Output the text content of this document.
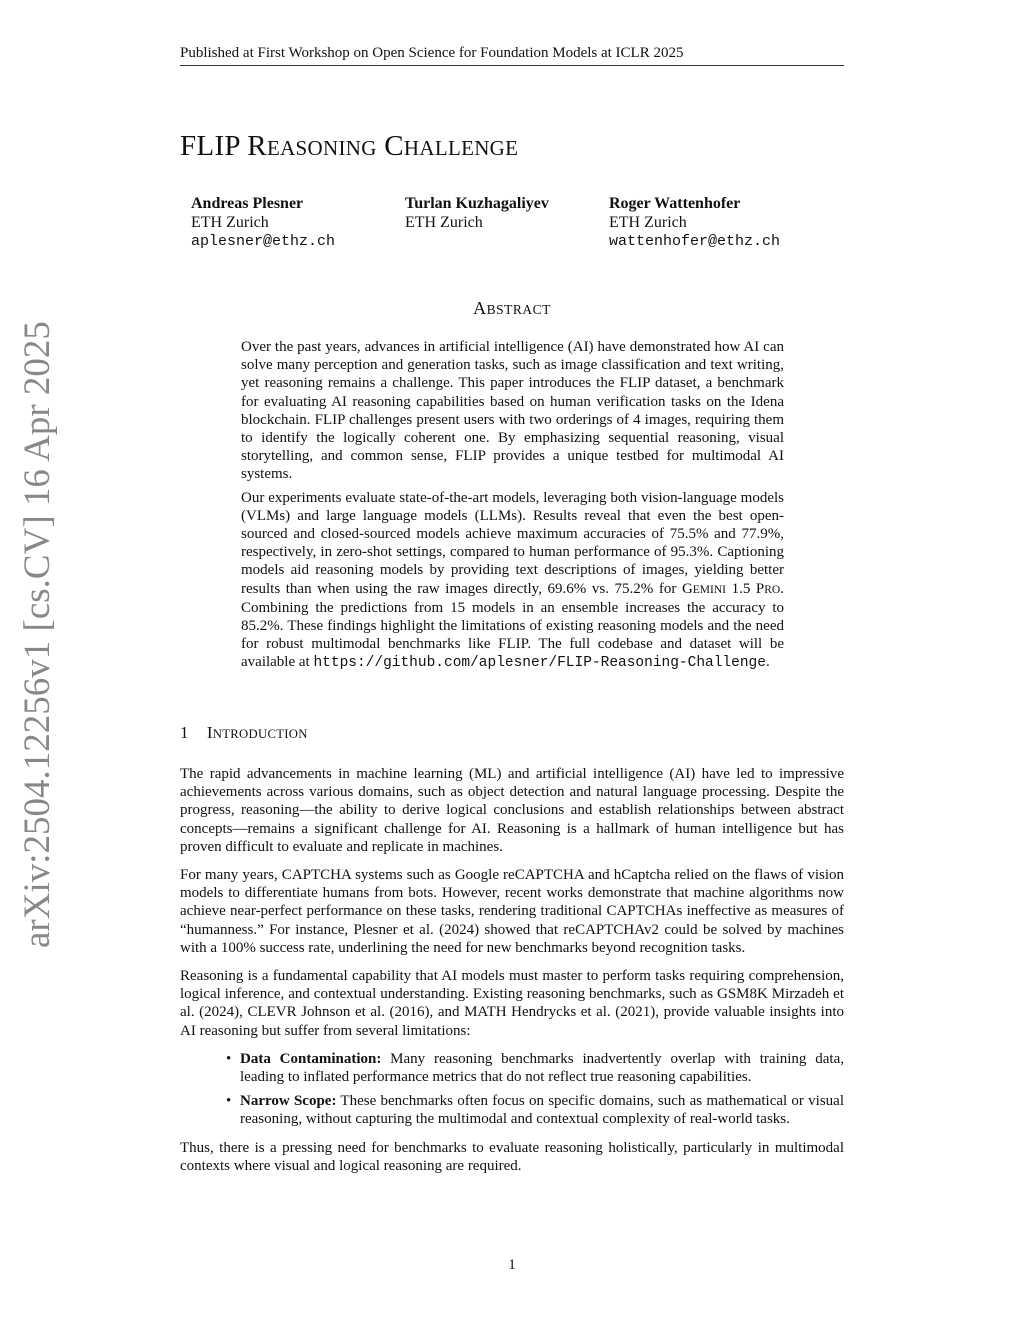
Published at First Workshop on Open Science for Foundation Models at ICLR 2025
arXiv:2504.12256v1 [cs.CV] 16 Apr 2025
FLIP REASONING CHALLENGE
Andreas Plesner
ETH Zurich
aplesner@ethz.ch
Turlan Kuzhagaliyev
ETH Zurich
Roger Wattenhofer
ETH Zurich
wattenhofer@ethz.ch
ABSTRACT

Over the past years, advances in artificial intelligence (AI) have demonstrated how AI can solve many perception and generation tasks, such as image classification and text writing, yet reasoning remains a challenge. This paper introduces the FLIP dataset, a benchmark for evaluating AI reasoning capabilities based on human verification tasks on the Idena blockchain. FLIP challenges present users with two orderings of 4 images, requiring them to identify the logically coherent one. By emphasizing sequential reasoning, visual storytelling, and common sense, FLIP provides a unique testbed for multimodal AI systems.

Our experiments evaluate state-of-the-art models, leveraging both vision-language models (VLMs) and large language models (LLMs). Results reveal that even the best open-sourced and closed-sourced models achieve maximum accuracies of 75.5% and 77.9%, respectively, in zero-shot settings, compared to human performance of 95.3%. Captioning models aid reasoning models by providing text descriptions of images, yielding better results than when using the raw images directly, 69.6% vs. 75.2% for GEMINI 1.5 PRO. Combining the predictions from 15 models in an ensemble increases the accuracy to 85.2%. These findings highlight the limitations of existing reasoning models and the need for robust multimodal benchmarks like FLIP. The full codebase and dataset will be available at https://github.com/aplesner/FLIP-Reasoning-Challenge.

1 INTRODUCTION

The rapid advancements in machine learning (ML) and artificial intelligence (AI) have led to impressive achievements across various domains, such as object detection and natural language processing. Despite the progress, reasoning—the ability to derive logical conclusions and establish relationships between abstract concepts—remains a significant challenge for AI. Reasoning is a hallmark of human intelligence but has proven difficult to evaluate and replicate in machines.

For many years, CAPTCHA systems such as Google reCAPTCHA and hCaptcha relied on the flaws of vision models to differentiate humans from bots. However, recent works demonstrate that machine algorithms now achieve near-perfect performance on these tasks, rendering traditional CAPTCHAs ineffective as measures of “humanness.” For instance, Plesner et al. (2024) showed that reCAPTCHAv2 could be solved by machines with a 100% success rate, underlining the need for new benchmarks beyond recognition tasks.

Reasoning is a fundamental capability that AI models must master to perform tasks requiring comprehension, logical inference, and contextual understanding. Existing reasoning benchmarks, such as GSM8K Mirzadeh et al. (2024), CLEVR Johnson et al. (2016), and MATH Hendrycks et al. (2021), provide valuable insights into AI reasoning but suffer from several limitations:

• Data Contamination: Many reasoning benchmarks inadvertently overlap with training data, leading to inflated performance metrics that do not reflect true reasoning capabilities.
• Narrow Scope: These benchmarks often focus on specific domains, such as mathematical or visual reasoning, without capturing the multimodal and contextual complexity of real-world tasks.

Thus, there is a pressing need for benchmarks to evaluate reasoning holistically, particularly in multimodal contexts where visual and logical reasoning are required.

1
